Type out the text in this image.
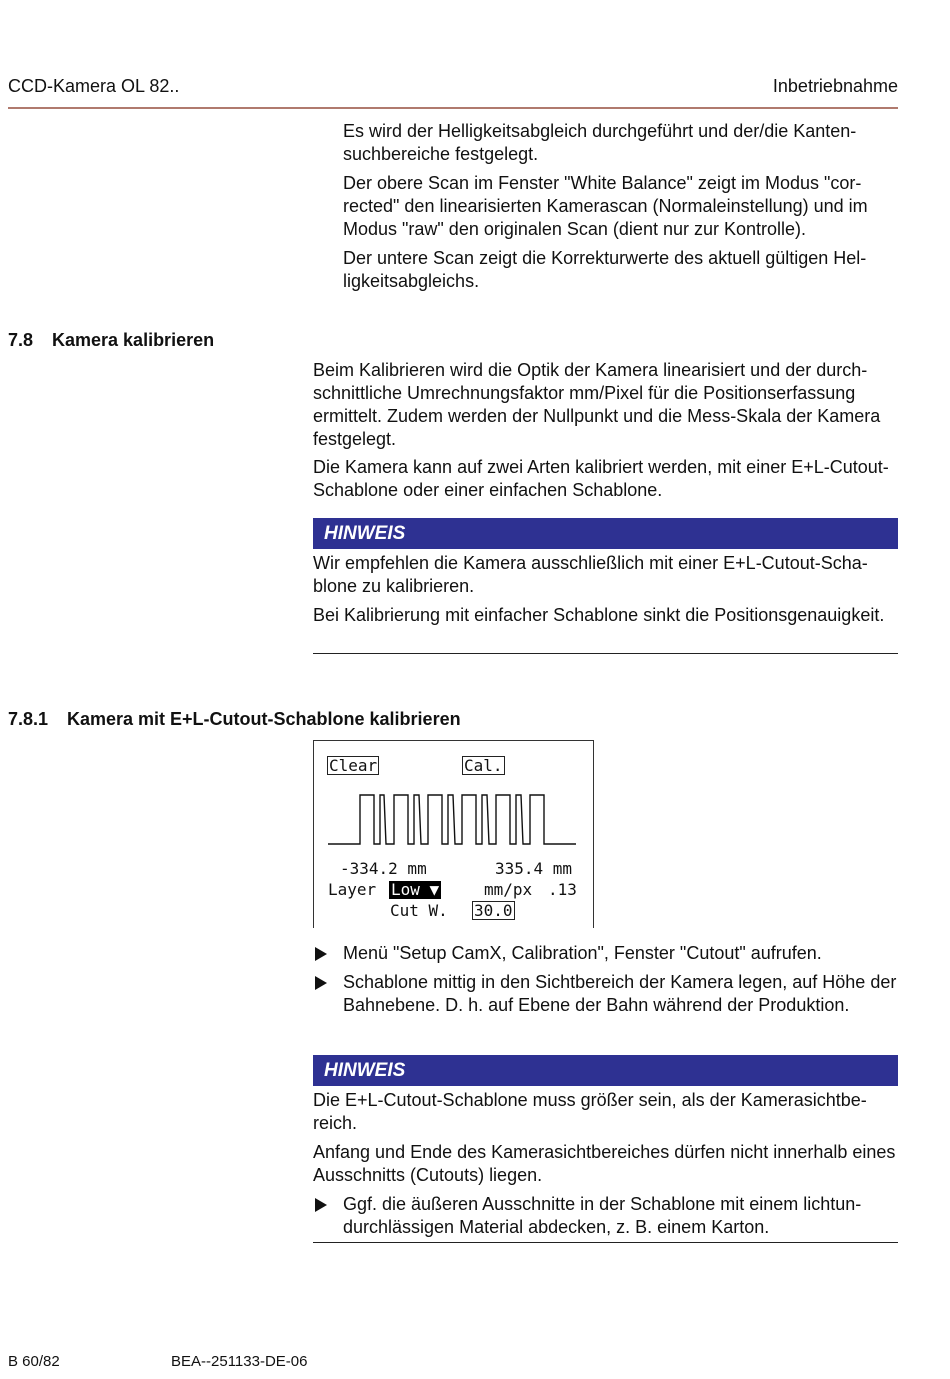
CCD-Kamera OL 82..	Inbetriebnahme

Es wird der Helligkeitsabgleich durchgeführt und der/die Kantensuchbereiche festgelegt.

Der obere Scan im Fenster "White Balance" zeigt im Modus "corrected" den linearisierten Kamerascan (Normaleinstellung) und im Modus "raw" den originalen Scan (dient nur zur Kontrolle).

Der untere Scan zeigt die Korrekturwerte des aktuell gültigen Helligkeitsabgleichs.

7.8 Kamera kalibrieren

Beim Kalibrieren wird die Optik der Kamera linearisiert und der durchschnittliche Umrechnungsfaktor mm/Pixel für die Positionserfassung ermittelt. Zudem werden der Nullpunkt und die Mess-Skala der Kamera festgelegt.

Die Kamera kann auf zwei Arten kalibriert werden, mit einer E+L-Cutout-Schablone oder einer einfachen Schablone.

HINWEIS

Wir empfehlen die Kamera ausschließlich mit einer E+L-Cutout-Schablone zu kalibrieren.

Bei Kalibrierung mit einfacher Schablone sinkt die Positionsgenauigkeit.

7.8.1 Kamera mit E+L-Cutout-Schablone kalibrieren
Clear	Cal.
-334.2 mm	335.4 mm
Layer Low ▼	mm/px .13
Cut W. 30.0
Menü "Setup CamX, Calibration", Fenster "Cutout" aufrufen.
Schablone mittig in den Sichtbereich der Kamera legen, auf Höhe der Bahnebene. D. h. auf Ebene der Bahn während der Produktion.
HINWEIS

Die E+L-Cutout-Schablone muss größer sein, als der Kamerasichtbereich.

Anfang und Ende des Kamerasichtbereiches dürfen nicht innerhalb eines Ausschnitts (Cutouts) liegen.

Ggf. die äußeren Ausschnitte in der Schablone mit einem lichtundurchlässigen Material abdecken, z. B. einem Karton.
B 60/82	BEA--251133-DE-06
